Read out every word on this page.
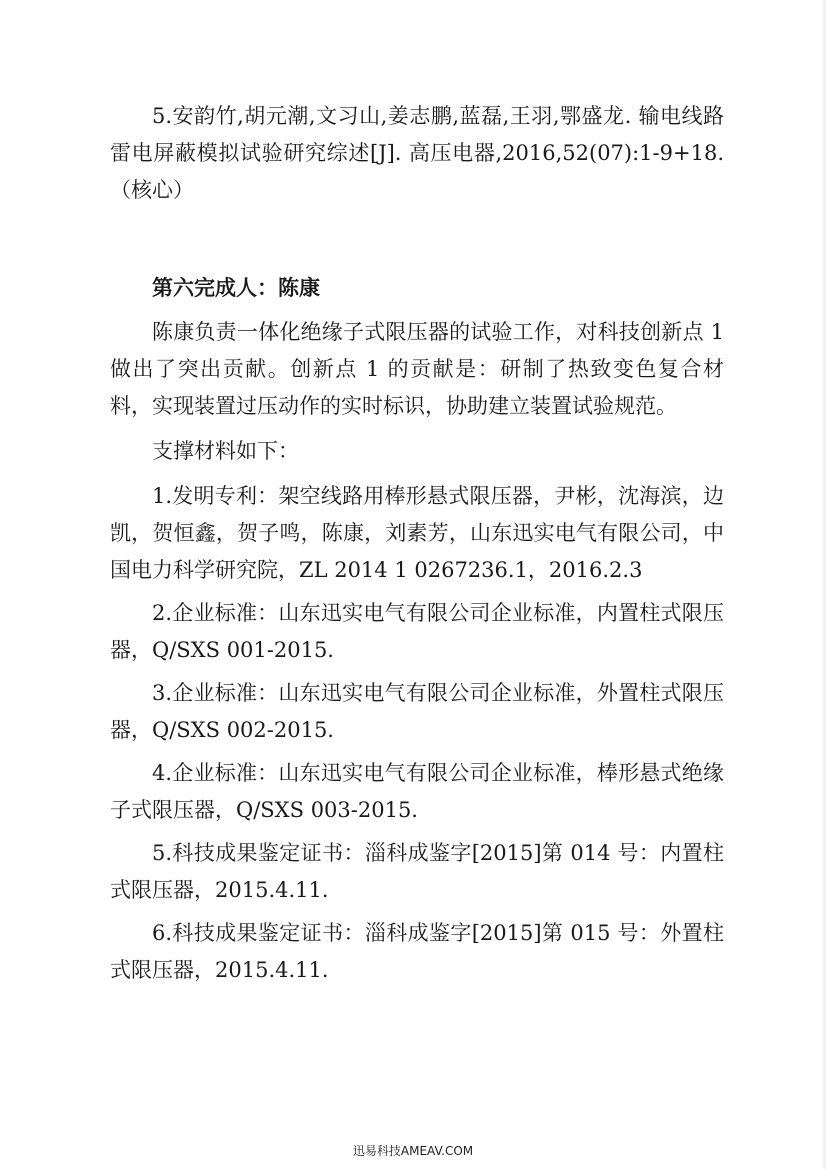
5.安韵竹,胡元潮,文习山,姜志鹏,蓝磊,王羽,鄂盛龙. 输电线路雷电屏蔽模拟试验研究综述[J]. 高压电器,2016,52(07):1-9+18.（核心）

第六完成人：陈康

陈康负责一体化绝缘子式限压器的试验工作，对科技创新点 1 做出了突出贡献。创新点 1 的贡献是：研制了热致变色复合材料，实现装置过压动作的实时标识，协助建立装置试验规范。

支撑材料如下：

1.发明专利：架空线路用棒形悬式限压器，尹彬，沈海滨，边凯，贺恒鑫，贺子鸣，陈康，刘素芳，山东迅实电气有限公司，中国电力科学研究院，ZL 2014 1 0267236.1，2016.2.3
2.企业标准：山东迅实电气有限公司企业标准，内置柱式限压器，Q/SXS 001-2015.
3.企业标准：山东迅实电气有限公司企业标准，外置柱式限压器，Q/SXS 002-2015.
4.企业标准：山东迅实电气有限公司企业标准，棒形悬式绝缘子式限压器，Q/SXS 003-2015.
5.科技成果鉴定证书：淄科成鉴字[2015]第 014 号：内置柱式限压器，2015.4.11.
6.科技成果鉴定证书：淄科成鉴字[2015]第 015 号：外置柱式限压器，2015.4.11.
迅易科技AMEAV.COM
